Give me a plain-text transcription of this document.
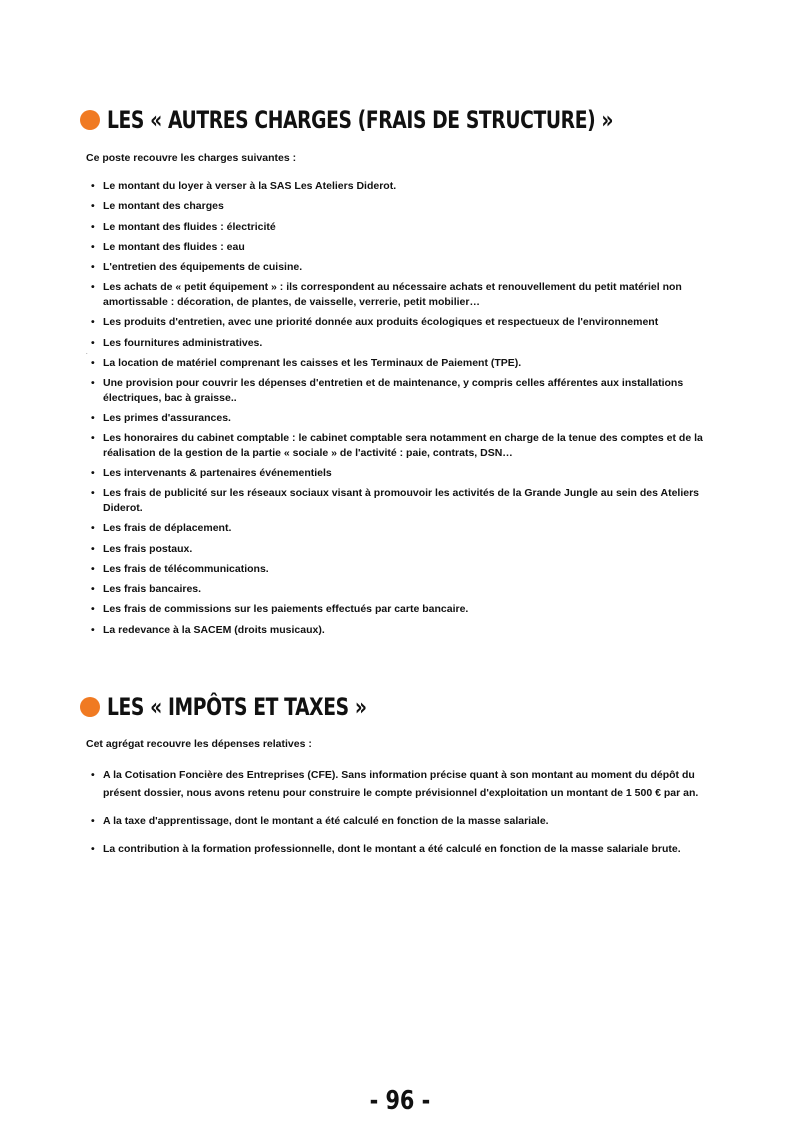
LES « AUTRES CHARGES (FRAIS DE STRUCTURE) »
Ce poste recouvre les charges suivantes :
• Le montant du loyer à verser à la SAS Les Ateliers Diderot.
• Le montant des charges
• Le montant des fluides : électricité
• Le montant des fluides : eau
• L'entretien des équipements de cuisine.
• Les achats de « petit équipement » : ils correspondent au nécessaire achats et renouvellement du petit matériel non amortissable : décoration, de plantes, de vaisselle, verrerie, petit mobilier…
• Les produits d'entretien, avec une priorité donnée aux produits écologiques et respectueux de l'environnement
• Les fournitures administratives.
• La location de matériel comprenant les caisses et les Terminaux de Paiement (TPE).
• Une provision pour couvrir les dépenses d'entretien et de maintenance, y compris celles afférentes aux installations électriques, bac à graisse..
• Les primes d'assurances.
• Les honoraires du cabinet comptable : le cabinet comptable sera notamment en charge de la tenue des comptes et de la réalisation de la gestion de la partie « sociale » de l'activité : paie, contrats, DSN…
• Les intervenants & partenaires événementiels
• Les frais de publicité sur les réseaux sociaux visant à promouvoir les activités de la Grande Jungle au sein des Ateliers Diderot.
• Les frais de déplacement.
• Les frais postaux.
• Les frais de télécommunications.
• Les frais bancaires.
• Les frais de commissions sur les paiements effectués par carte bancaire.
• La redevance à la SACEM (droits musicaux).
.
LES « IMPÔTS ET TAXES »
Cet agrégat recouvre les dépenses relatives :
• A la Cotisation Foncière des Entreprises (CFE). Sans information précise quant à son montant au moment du dépôt du présent dossier, nous avons retenu pour construire le compte prévisionnel d'exploitation un montant de 1 500 € par an.
• A la taxe d'apprentissage, dont le montant a été calculé en fonction de la masse salariale.
• La contribution à la formation professionnelle, dont le montant a été calculé en fonction de la masse salariale brute.
- 96 -
